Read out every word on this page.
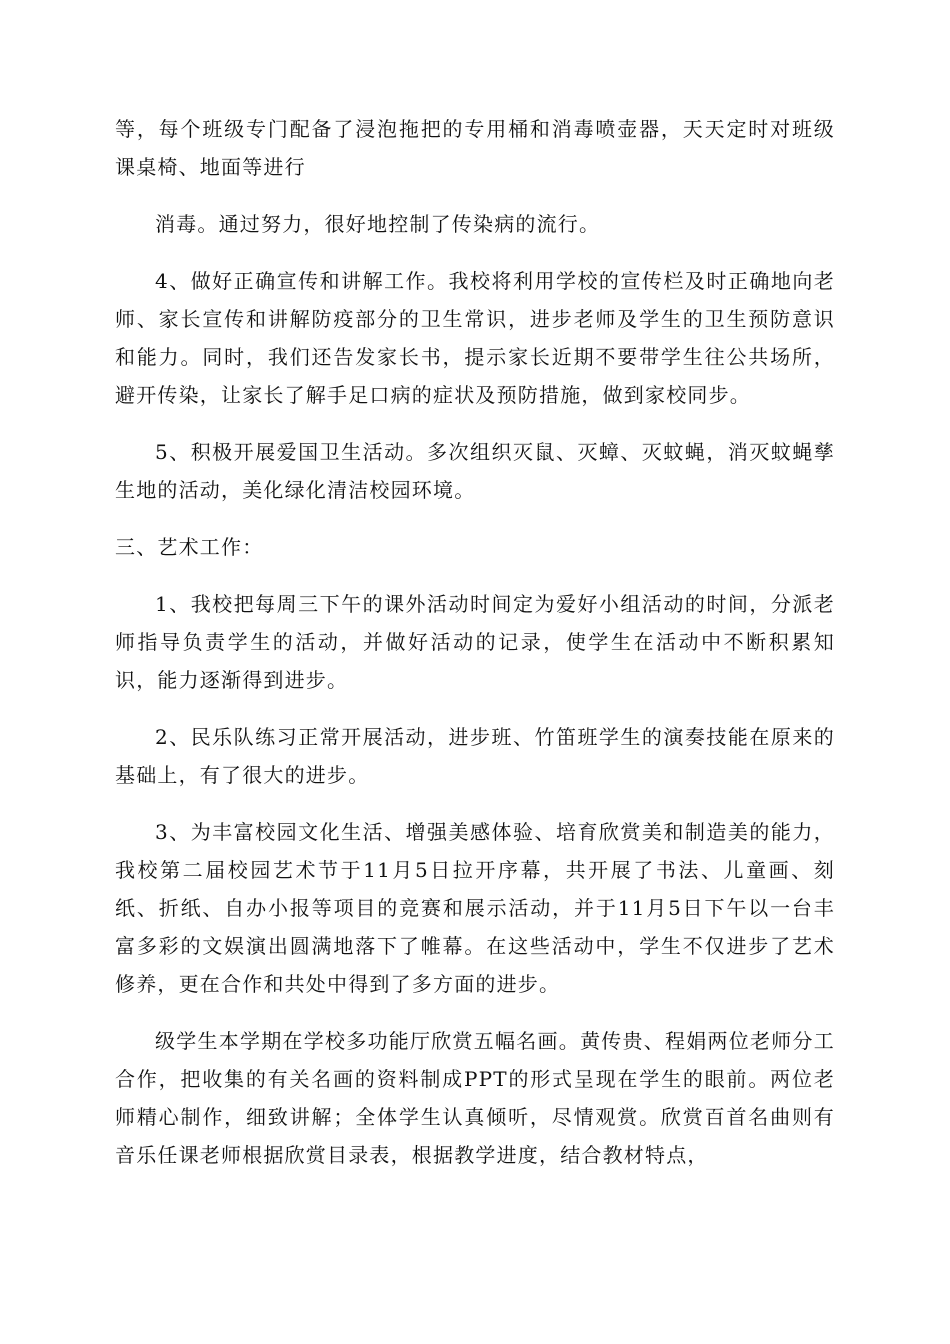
等，每个班级专门配备了浸泡拖把的专用桶和消毒喷壶器，天天定时对班级课桌椅、地面等进行

消毒。通过努力，很好地控制了传染病的流行。

4、做好正确宣传和讲解工作。我校将利用学校的宣传栏及时正确地向老师、家长宣传和讲解防疫部分的卫生常识，进步老师及学生的卫生预防意识和能力。同时，我们还告发家长书，提示家长近期不要带学生往公共场所，避开传染，让家长了解手足口病的症状及预防措施，做到家校同步。

5、积极开展爱国卫生活动。多次组织灭鼠、灭蟑、灭蚊蝇，消灭蚊蝇孳生地的活动，美化绿化清洁校园环境。

三、艺术工作：

1、我校把每周三下午的课外活动时间定为爱好小组活动的时间，分派老师指导负责学生的活动，并做好活动的记录，使学生在活动中不断积累知识，能力逐渐得到进步。

2、民乐队练习正常开展活动，进步班、竹笛班学生的演奏技能在原来的基础上，有了很大的进步。

3、为丰富校园文化生活、增强美感体验、培育欣赏美和制造美的能力，我校第二届校园艺术节于11月5日拉开序幕，共开展了书法、儿童画、刻纸、折纸、自办小报等项目的竞赛和展示活动，并于11月5日下午以一台丰富多彩的文娱演出圆满地落下了帷幕。在这些活动中，学生不仅进步了艺术修养，更在合作和共处中得到了多方面的进步。

级学生本学期在学校多功能厅欣赏五幅名画。黄传贵、程娟两位老师分工合作，把收集的有关名画的资料制成PPT的形式呈现在学生的眼前。两位老师精心制作，细致讲解；全体学生认真倾听，尽情观赏。欣赏百首名曲则有音乐任课老师根据欣赏目录表，根据教学进度，结合教材特点，
